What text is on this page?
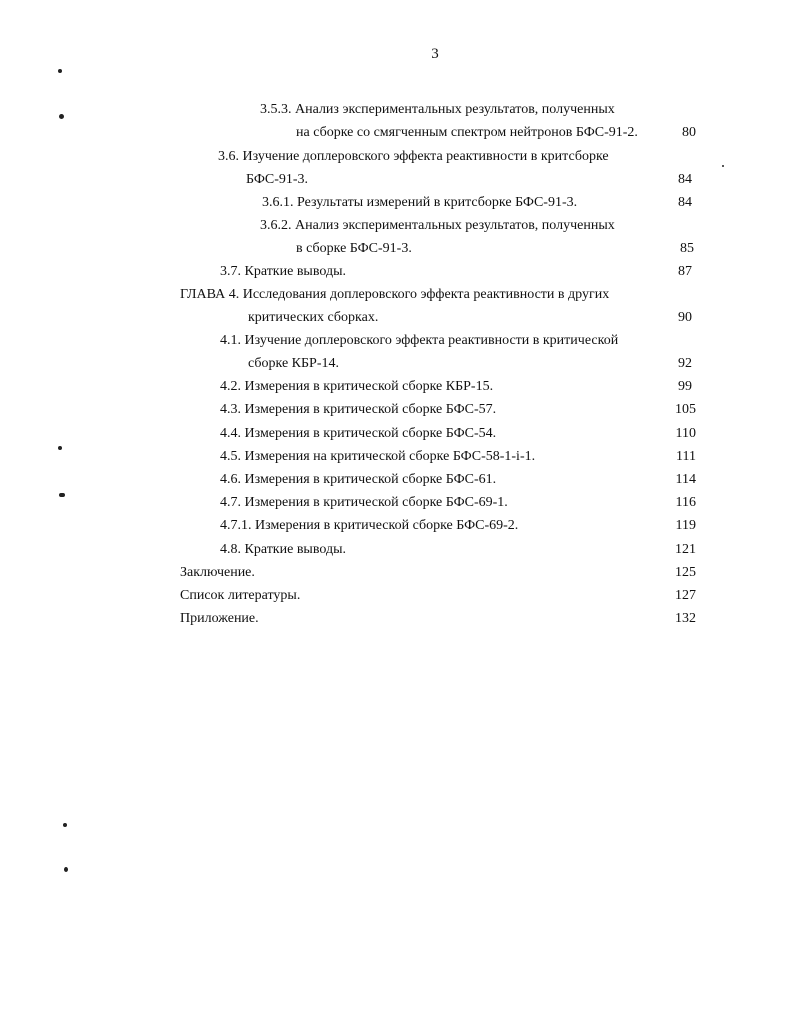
3
3.5.3. Анализ экспериментальных результатов, полученных
на сборке со смягченным спектром нейтронов БФС-91-2.	80
3.6. Изучение доплеровского эффекта реактивности в критсборке
БФС-91-3.	84
3.6.1. Результаты измерений в критсборке БФС-91-3.	84
3.6.2. Анализ экспериментальных результатов, полученных
в сборке БФС-91-3.	85
3.7. Краткие выводы.	87
ГЛАВА 4. Исследования доплеровского эффекта реактивности в других
критических сборках.	90
4.1. Изучение доплеровского эффекта реактивности в критической
сборке КБР-14.	92
4.2. Измерения в критической сборке КБР-15.	99
4.3. Измерения в критической сборке БФС-57.	105
4.4. Измерения в критической сборке БФС-54.	110
4.5. Измерения на критической сборке БФС-58-1-i-1.	111
4.6. Измерения в критической сборке БФС-61.	114
4.7. Измерения в критической сборке БФС-69-1.	116
4.7.1. Измерения в критической сборке БФС-69-2.	119
4.8. Краткие выводы.	121
Заключение.	125
Список литературы.	127
Приложение.	132
